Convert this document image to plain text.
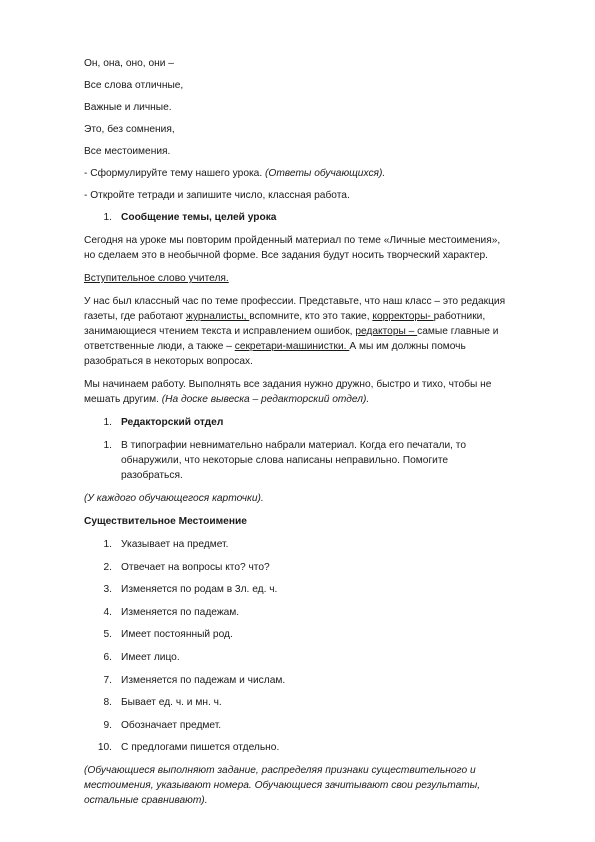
Он, она, оно, они –
Все слова отличные,
Важные и личные.
Это, без сомнения,
Все местоимения.
- Сформулируйте тему нашего урока. (Ответы обучающихся).
- Откройте тетради и запишите число, классная работа.
1. Сообщение темы, целей урока
Сегодня на уроке мы повторим пройденный материал по теме «Личные местоимения», но сделаем это в необычной форме. Все задания будут носить творческий характер.
Вступительное слово учителя.
У нас был классный час по теме профессии. Представьте, что наш класс – это редакция газеты, где работают журналисты, вспомните, кто это такие, корректоры- работники, занимающиеся чтением текста и исправлением ошибок, редакторы – самые главные и ответственные люди, а также – секретари-машинистки. А мы им должны помочь разобраться в некоторых вопросах.
Мы начинаем работу. Выполнять все задания нужно дружно, быстро и тихо, чтобы не мешать другим. (На доске вывеска – редакторский отдел).
1. Редакторский отдел
1. В типографии невнимательно набрали материал. Когда его печатали, то обнаружили, что некоторые слова написаны неправильно. Помогите разобраться.
(У каждого обучающегося карточки).
Существительное Местоимение
1. Указывает на предмет.
2. Отвечает на вопросы кто? что?
3. Изменяется по родам в 3л. ед. ч.
4. Изменяется по падежам.
5. Имеет постоянный род.
6. Имеет лицо.
7. Изменяется по падежам и числам.
8. Бывает ед. ч. и мн. ч.
9. Обозначает предмет.
10. С предлогами пишется отдельно.
(Обучающиеся выполняют задание, распределяя признаки существительного и местоимения, указывают номера. Обучающиеся зачитывают свои результаты, остальные сравнивают).
